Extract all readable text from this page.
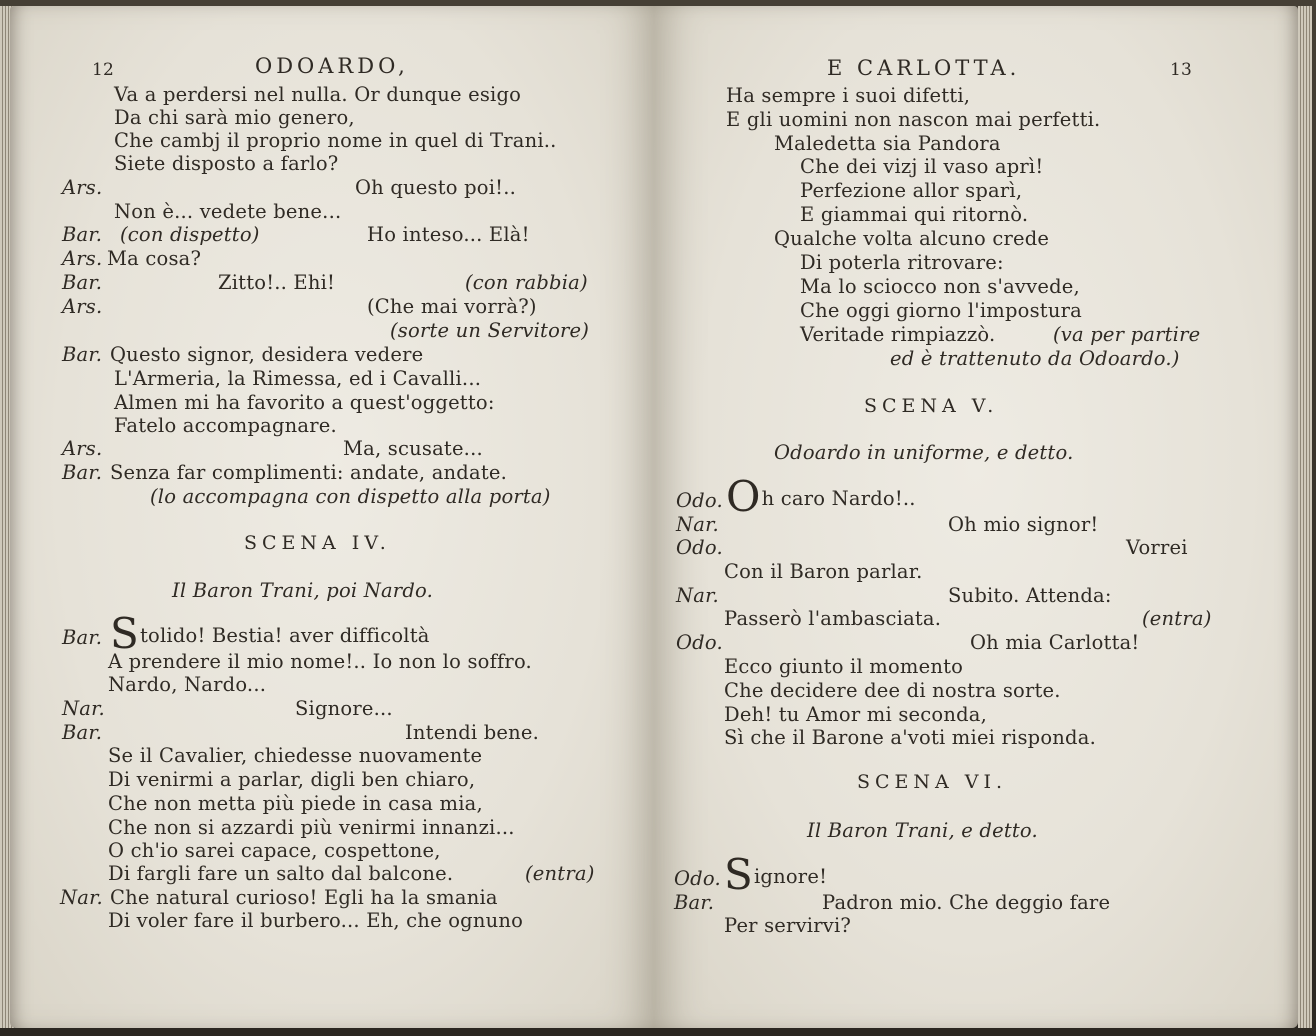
12	ODOARDO,
Va a perdersi nel nulla. Or dunque esigo
Da chi sarà mio genero,
Che cambj il proprio nome in quel di Trani..
Siete disposto a farlo?
Ars.	Oh questo poi!..
Non è... vedete bene...
Bar. (con dispetto)	Ho inteso... Elà!
Ars. Ma cosa?
Bar.	Zitto!.. Ehi!	(con rabbia)
Ars.	(Che mai vorrà?)
(sorte un Servitore)
Bar. Questo signor, desidera vedere
L'Armeria, la Rimessa, ed i Cavalli...
Almen mi ha favorito a quest'oggetto:
Fatelo accompagnare.
Ars.	Ma, scusate...
Bar. Senza far complimenti: andate, andate.
(lo accompagna con dispetto alla porta)
SCENA IV.
Il Baron Trani, poi Nardo.
Bar. Stolido! Bestia! aver difficoltà
A prendere il mio nome!.. Io non lo soffro.
Nardo, Nardo...
Nar.	Signore...
Bar.	Intendi bene.
Se il Cavalier, chiedesse nuovamente
Di venirmi a parlar, digli ben chiaro,
Che non metta più piede in casa mia,
Che non si azzardi più venirmi innanzi...
O ch'io sarei capace, cospettone,
Di fargli fare un salto dal balcone.	(entra)
Nar. Che natural curioso! Egli ha la smania
Di voler fare il burbero... Eh, che ognuno
E CARLOTTA.	13
Ha sempre i suoi difetti,
E gli uomini non nascon mai perfetti.
Maledetta sia Pandora
Che dei vizj il vaso aprì!
Perfezione allor sparì,
E giammai qui ritornò.
Qualche volta alcuno crede
Di poterla ritrovare:
Ma lo sciocco non s'avvede,
Che oggi giorno l'impostura
Veritade rimpiazzò.	(va per partire
ed è trattenuto da Odoardo.)
SCENA V.
Odoardo in uniforme, e detto.
Odo. Oh caro Nardo!..
Nar.	Oh mio signor!
Odo.	Vorrei
Con il Baron parlar.
Nar.	Subito. Attenda:
Passerò l'ambasciata.	(entra)
Odo.	Oh mia Carlotta!
Ecco giunto il momento
Che decidere dee di nostra sorte.
Deh! tu Amor mi seconda,
Sì che il Barone a'voti miei risponda.
SCENA VI.
Il Baron Trani, e detto.
Odo. Signore!
Bar.	Padron mio. Che deggio fare
Per servirvi?
